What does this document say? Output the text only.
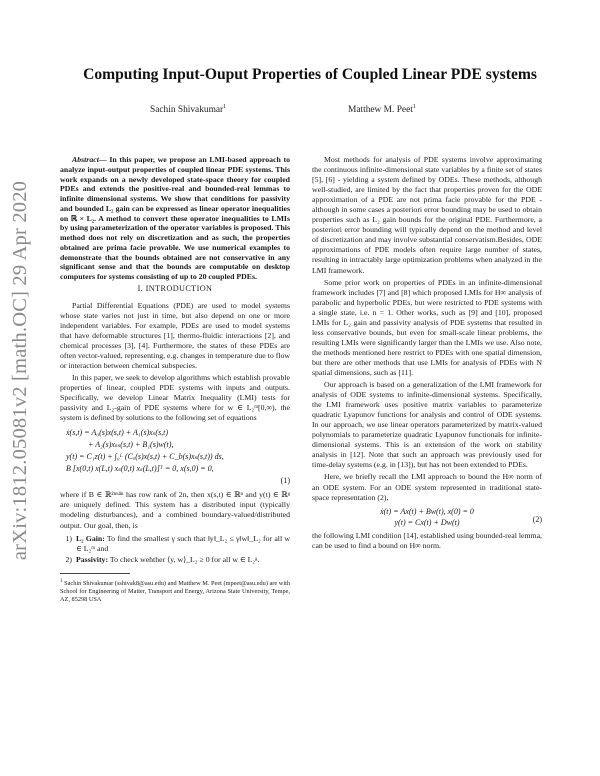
arXiv:1812.05081v2 [math.OC] 29 Apr 2020
Computing Input-Ouput Properties of Coupled Linear PDE systems
Sachin Shivakumar$^1$	Matthew M. Peet$^1$

Abstract— In this paper, we propose an LMI-based approach to analyze input-output properties of coupled linear PDE systems. This work expands on a newly developed state-space theory for coupled PDEs and extends the positive-real and bounded-real lemmas to infinite dimensional systems. We show that conditions for passivity and bounded L₂ gain can be expressed as linear operator inequalities on ℝ × L₂. A method to convert these operator inequalities to LMIs by using parameterization of the operator variables is proposed. This method does not rely on discretization and as such, the properties obtained are prima facie provable. We use numerical examples to demonstrate that the bounds obtained are not conservative in any significant sense and that the bounds are computable on desktop computers for systems consisting of up to 20 coupled PDEs.

I. INTRODUCTION

Partial Differential Equations (PDE) are used to model systems whose state varies not just in time, but also depend on one or more independent variables. For example, PDEs are used to model systems that have deformable structures [1], thermo-fluidic interactions [2], and chemical processes [3], [4]. Furthermore, the states of these PDEs are often vector-valued, representing, e.g. changes in temperature due to flow or interaction between chemical subspecies.

In this paper, we seek to develop algorithms which establish provable properties of linear, coupled PDE systems with inputs and outputs. Specifically, we develop Linear Matrix Inequality (LMI) tests for passivity and L₂-gain of PDE systems where for w ∈ L₂ᵐ[0,∞), the system is defined by solutions to the following set of equations

ẋ(s,t) = A₀(s)x(s,t) + A₁(s)xₛ(s,t)
+ A₂(s)xₛₛ(s,t) + B₁(s)w(t),
y(t) = C₁z(t) + ∫₀ᴸ (Cₐ(s)x(s,t) + C_b(s)xₛ(s,t)) ds,
B [x(0,t) x(L,t) xₛ(0,t) xₛ(L,t)]ᵀ = 0, x(s,0) = 0,
(1)

where if B ∈ ℝ²ⁿˣ⁴ⁿ has row rank of 2n, then x(s,t) ∈ ℝⁿ and y(t) ∈ ℝᵍ are uniquely defined. This system has a distributed input (typically modeling disturbances), and a combined boundary-valued/distributed output. Our goal, then, is

1) L₂ Gain: To find the smallest γ such that ‖y‖_L₂ ≤ γ‖w‖_L₂ for all w ∈ L₂ᵐ and
2) Passivity: To check wehther ⟨y, w⟩_L₂ ≥ 0 for all w ∈ L₂ᵍ.

$^1$ Sachin Shivakumar (sshivak8@asu.edu) and Matthew M. Peet (mpeet@asu.edu) are with School for Engineering of Matter, Transport and Energy, Arizona State University, Tempe, AZ, 85298 USA

Most methods for analysis of PDE systems involve approximating the continuous infinite-dimensional state variables by a finite set of states [5], [6] - yielding a system defined by ODEs. These methods, although well-studied, are limited by the fact that properties proven for the ODE approximation of a PDE are not prima facie provable for the PDE - although in some cases a posteriori error bounding may be used to obtain properties such as L₂ gain bounds for the original PDE. Furthermore, a posteriori error bounding will typically depend on the method and level of discretization and may involve substantial conservatism.Besides, ODE approximations of PDE models often require large number of states, resulting in intractably large optimization problems when analyzed in the LMI framework.

Some prior work on properties of PDEs in an infinite-dimensional framework includes [7] and [8] which proposed LMIs for H∞ analysis of parabolic and hyperbolic PDEs, but were restricted to PDE systems with a single state, i.e. n = 1. Other works, such as [9] and [10], proposed LMIs for L₂ gain and passivity analysis of PDE systems that resulted in less conservative bounds, but even for small-scale linear problems, the resulting LMIs were significantly larger than the LMIs we use. Also note, the methods mentioned here restrict to PDEs with one spatial dimension, but there are other methods that use LMIs for analysis of PDEs with N spatial dimensions, such as [11].

Our approach is based on a generalization of the LMI framework for analysis of ODE systems to infinite-dimensional systems. Specifically, the LMI framework uses positive matrix variables to parameterize quadratic Lyapunov functions for analysis and control of ODE systems. In our approach, we use linear operators parameterized by matrix-valued polynomials to parameterize quadratic Lyapunov functionals for infinite-dimensional systems. This is an extension of the work on stability analysis in [12]. Note that such an approach was previously used for time-delay systems (e.g. in [13]), but has not been extended to PDEs.

Here, we briefly recall the LMI approach to bound the H∞ norm of an ODE system. For an ODE system represented in traditional state-space representation (2),

ẋ(t) = Ax(t) + Bw(t), x(0) = 0
y(t) = Cx(t) + Dw(t)	(2)

the following LMI condition [14], established using bounded-real lemma, can be used to find a bound on H∞ norm.
